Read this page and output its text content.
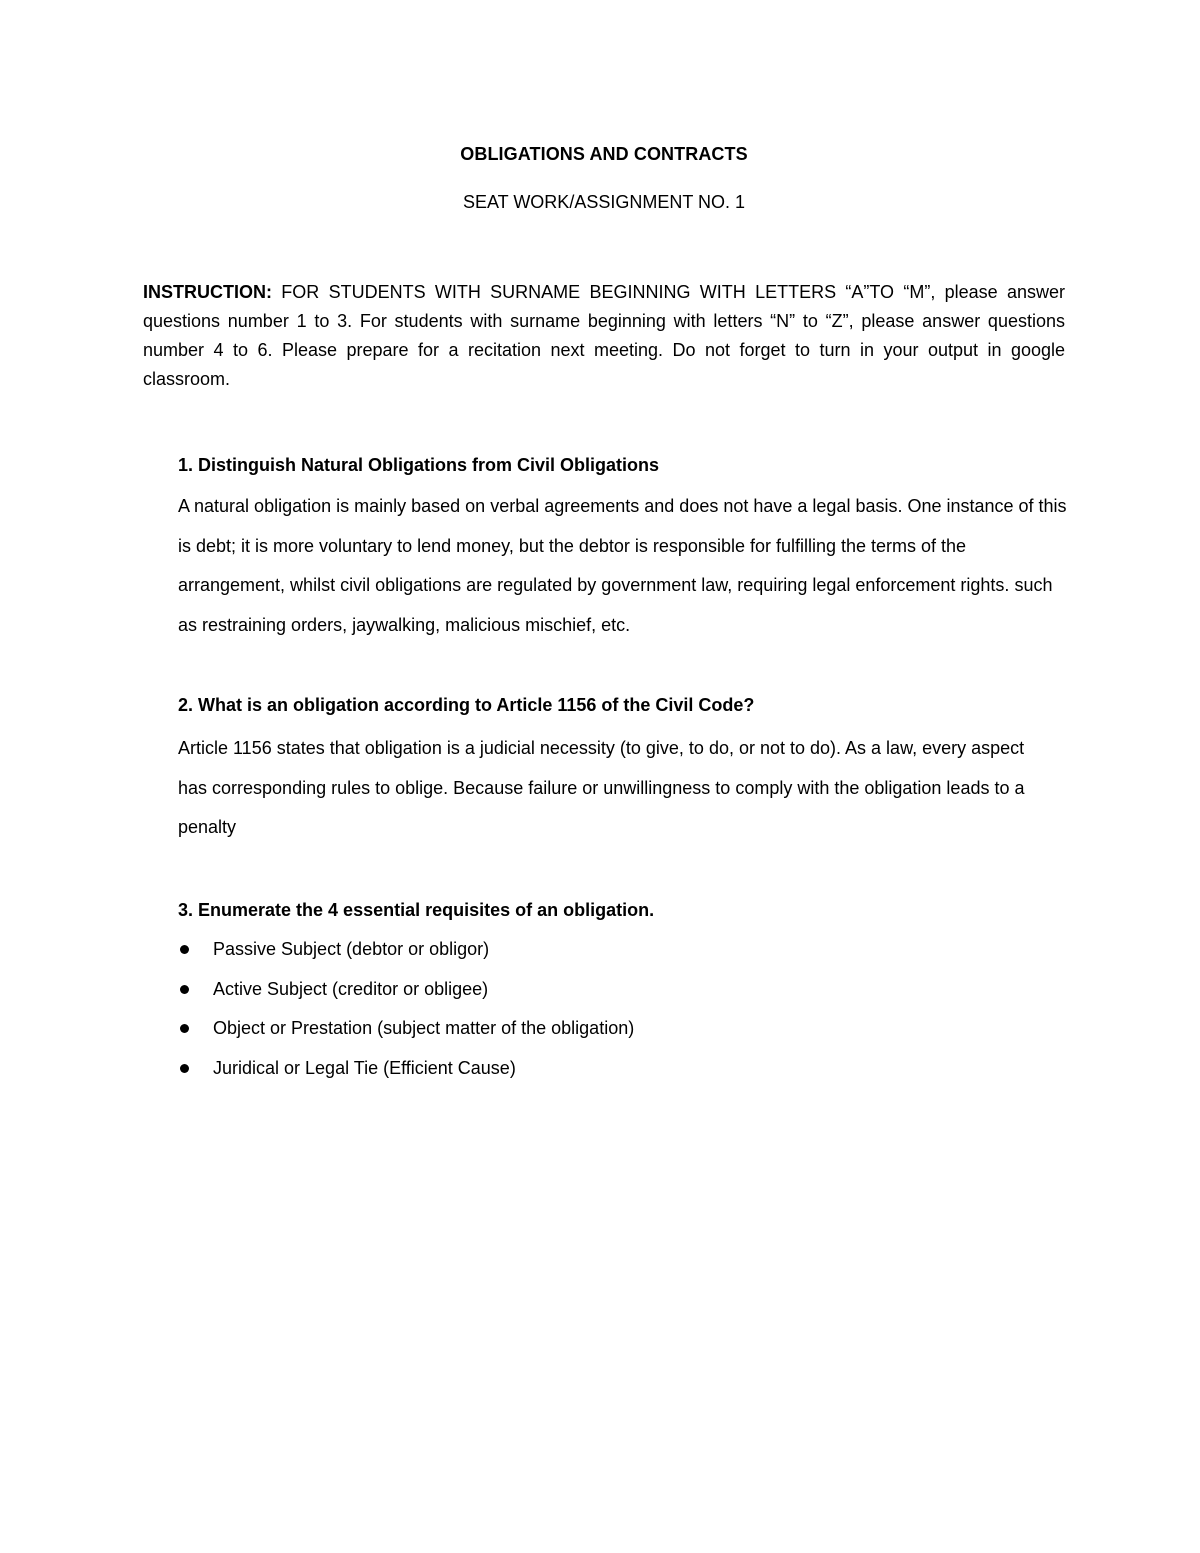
OBLIGATIONS AND CONTRACTS
SEAT WORK/ASSIGNMENT NO. 1
INSTRUCTION: FOR STUDENTS WITH SURNAME BEGINNING WITH LETTERS “A”TO “M”, please answer questions number 1 to 3. For students with surname beginning with letters “N” to “Z”, please answer questions number 4 to 6. Please prepare for a recitation next meeting. Do not forget to turn in your output in google classroom.
1. Distinguish Natural Obligations from Civil Obligations
A natural obligation is mainly based on verbal agreements and does not have a legal basis. One instance of this is debt; it is more voluntary to lend money, but the debtor is responsible for fulfilling the terms of the arrangement, whilst civil obligations are regulated by government law, requiring legal enforcement rights. such as restraining orders, jaywalking, malicious mischief, etc.
2. What is an obligation according to Article 1156 of the Civil Code?
Article 1156 states that obligation is a judicial necessity (to give, to do, or not to do). As a law, every aspect has corresponding rules to oblige. Because failure or unwillingness to comply with the obligation leads to a penalty
3. Enumerate the 4 essential requisites of an obligation.
Passive Subject (debtor or obligor)
Active Subject (creditor or obligee)
Object or Prestation (subject matter of the obligation)
Juridical or Legal Tie (Efficient Cause)
